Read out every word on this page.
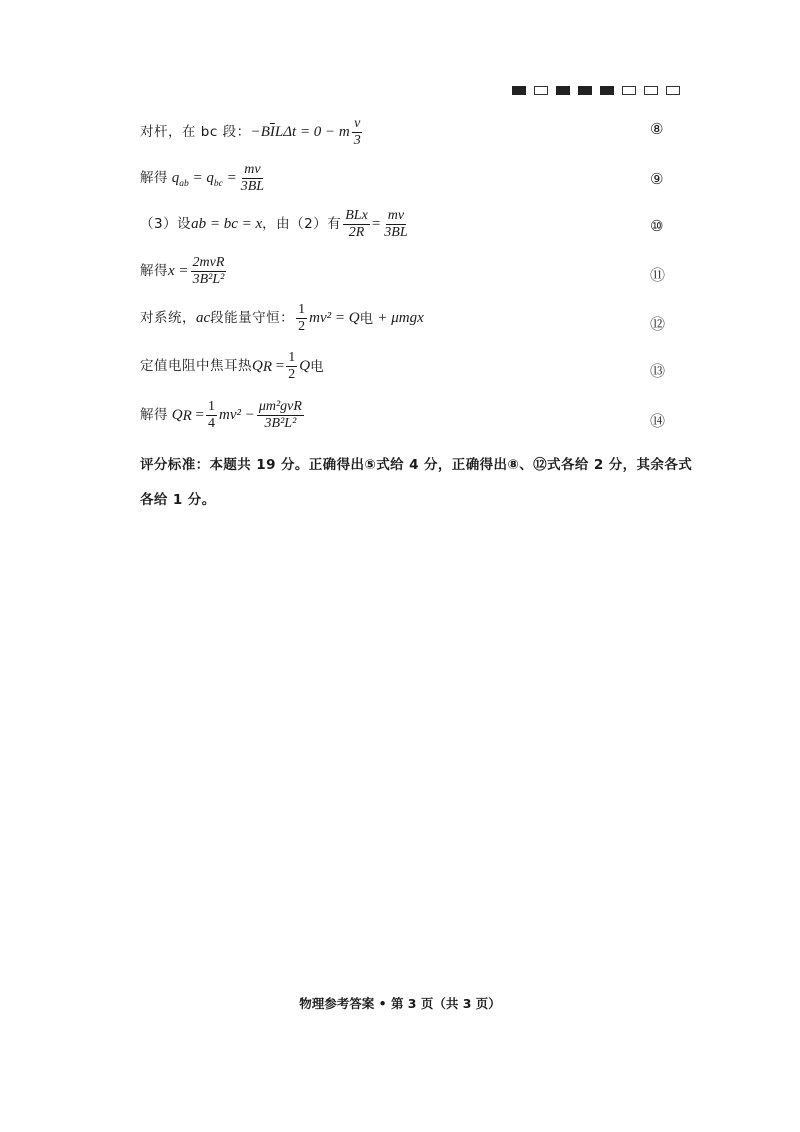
对杆，在 bc 段： $-B\overline{I}L\Delta t = 0 - m \frac{v}{3}$	⑧
解得 $q_{ab} = q_{bc} = \frac{mv}{3BL}$	⑨
（3）设 ab = bc = x ，由（2）有 $\frac{\text{BLx}}{2R} = \frac{mv}{3BL}$	⑩
解得 $x = \frac{\text{2mvR}}{\text{3B²L²}}$	⑪
对系统， ac 段能量守恒： $\frac{1}{2} mv^2 = Q$ 电 + μmgx	⑫
定值电阻中焦耳热 Q $R = \frac{1}{2}$ Q 电	⑬
解得 Q $R = \frac{1}{4} mv^2 - \frac{\text{μm²gvR}}{\text{3B²L²}}$	⑭
评分标准：本题共 19 分。正确得出⑤式给 4 分，正确得出⑧、⑫式各给 2 分，其余各式
各给 1 分。
物理参考答案 • 第 3 页（共 3 页）
